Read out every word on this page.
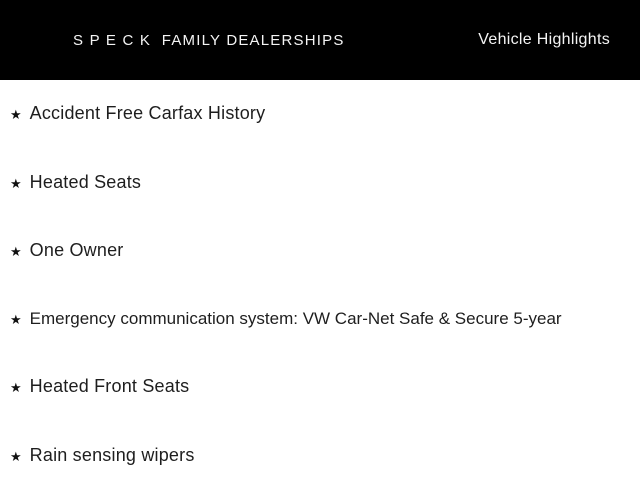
S P E C K  FAMILY DEALERSHIPS	Vehicle Highlights
★ Accident Free Carfax History
★ Heated Seats
★ One Owner
★ Emergency communication system: VW Car-Net Safe & Secure 5-year
★ Heated Front Seats
★ Rain sensing wipers
